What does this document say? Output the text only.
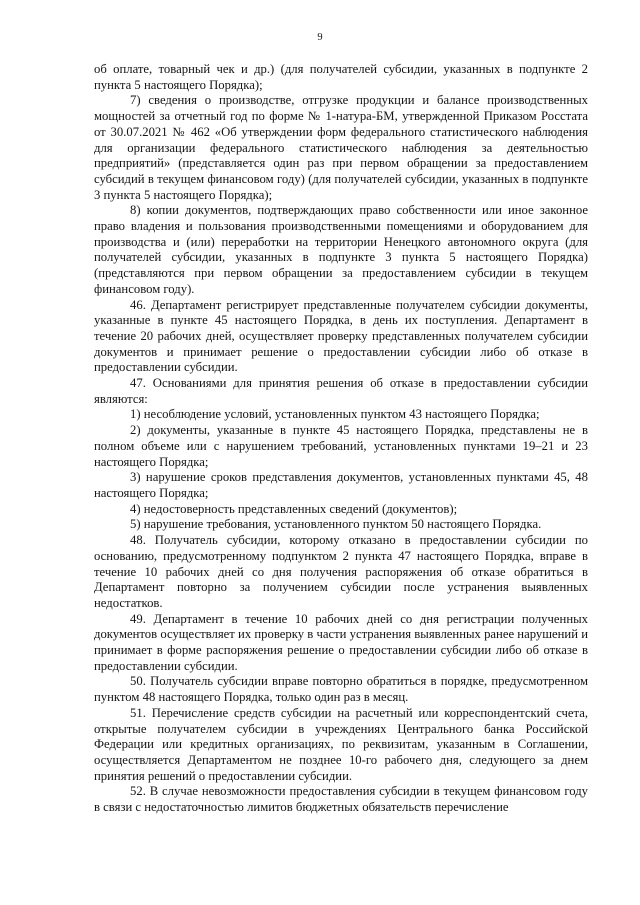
9

об оплате, товарный чек и др.) (для получателей субсидии, указанных в подпункте 2 пункта 5 настоящего Порядка);

7) сведения о производстве, отгрузке продукции и балансе производственных мощностей за отчетный год по форме № 1-натура-БМ, утвержденной Приказом Росстата от 30.07.2021 № 462 «Об утверждении форм федерального статистического наблюдения для организации федерального статистического наблюдения за деятельностью предприятий» (представляется один раз при первом обращении за предоставлением субсидий в текущем финансовом году) (для получателей субсидии, указанных в подпункте 3 пункта 5 настоящего Порядка);

8) копии документов, подтверждающих право собственности или иное законное право владения и пользования производственными помещениями и оборудованием для производства и (или) переработки на территории Ненецкого автономного округа (для получателей субсидии, указанных в подпункте 3 пункта 5 настоящего Порядка) (представляются при первом обращении за предоставлением субсидии в текущем финансовом году).

46. Департамент регистрирует представленные получателем субсидии документы, указанные в пункте 45 настоящего Порядка, в день их поступления. Департамент в течение 20 рабочих дней, осуществляет проверку представленных получателем субсидии документов и принимает решение о предоставлении субсидии либо об отказе в предоставлении субсидии.

47. Основаниями для принятия решения об отказе в предоставлении субсидии являются:

1) несоблюдение условий, установленных пунктом 43 настоящего Порядка;

2) документы, указанные в пункте 45 настоящего Порядка, представлены не в полном объеме или с нарушением требований, установленных пунктами 19–21 и 23 настоящего Порядка;

3) нарушение сроков представления документов, установленных пунктами 45, 48 настоящего Порядка;

4) недостоверность представленных сведений (документов);

5) нарушение требования, установленного пунктом 50 настоящего Порядка.

48. Получатель субсидии, которому отказано в предоставлении субсидии по основанию, предусмотренному подпунктом 2 пункта 47 настоящего Порядка, вправе в течение 10 рабочих дней со дня получения распоряжения об отказе обратиться в Департамент повторно за получением субсидии после устранения выявленных недостатков.

49. Департамент в течение 10 рабочих дней со дня регистрации полученных документов осуществляет их проверку в части устранения выявленных ранее нарушений и принимает в форме распоряжения решение о предоставлении субсидии либо об отказе в предоставлении субсидии.

50. Получатель субсидии вправе повторно обратиться в порядке, предусмотренном пунктом 48 настоящего Порядка, только один раз в месяц.

51. Перечисление средств субсидии на расчетный или корреспондентский счета, открытые получателем субсидии в учреждениях Центрального банка Российской Федерации или кредитных организациях, по реквизитам, указанным в Соглашении, осуществляется Департаментом не позднее 10-го рабочего дня, следующего за днем принятия решений о предоставлении субсидии.

52. В случае невозможности предоставления субсидии в текущем финансовом году в связи с недостаточностью лимитов бюджетных обязательств перечисление
